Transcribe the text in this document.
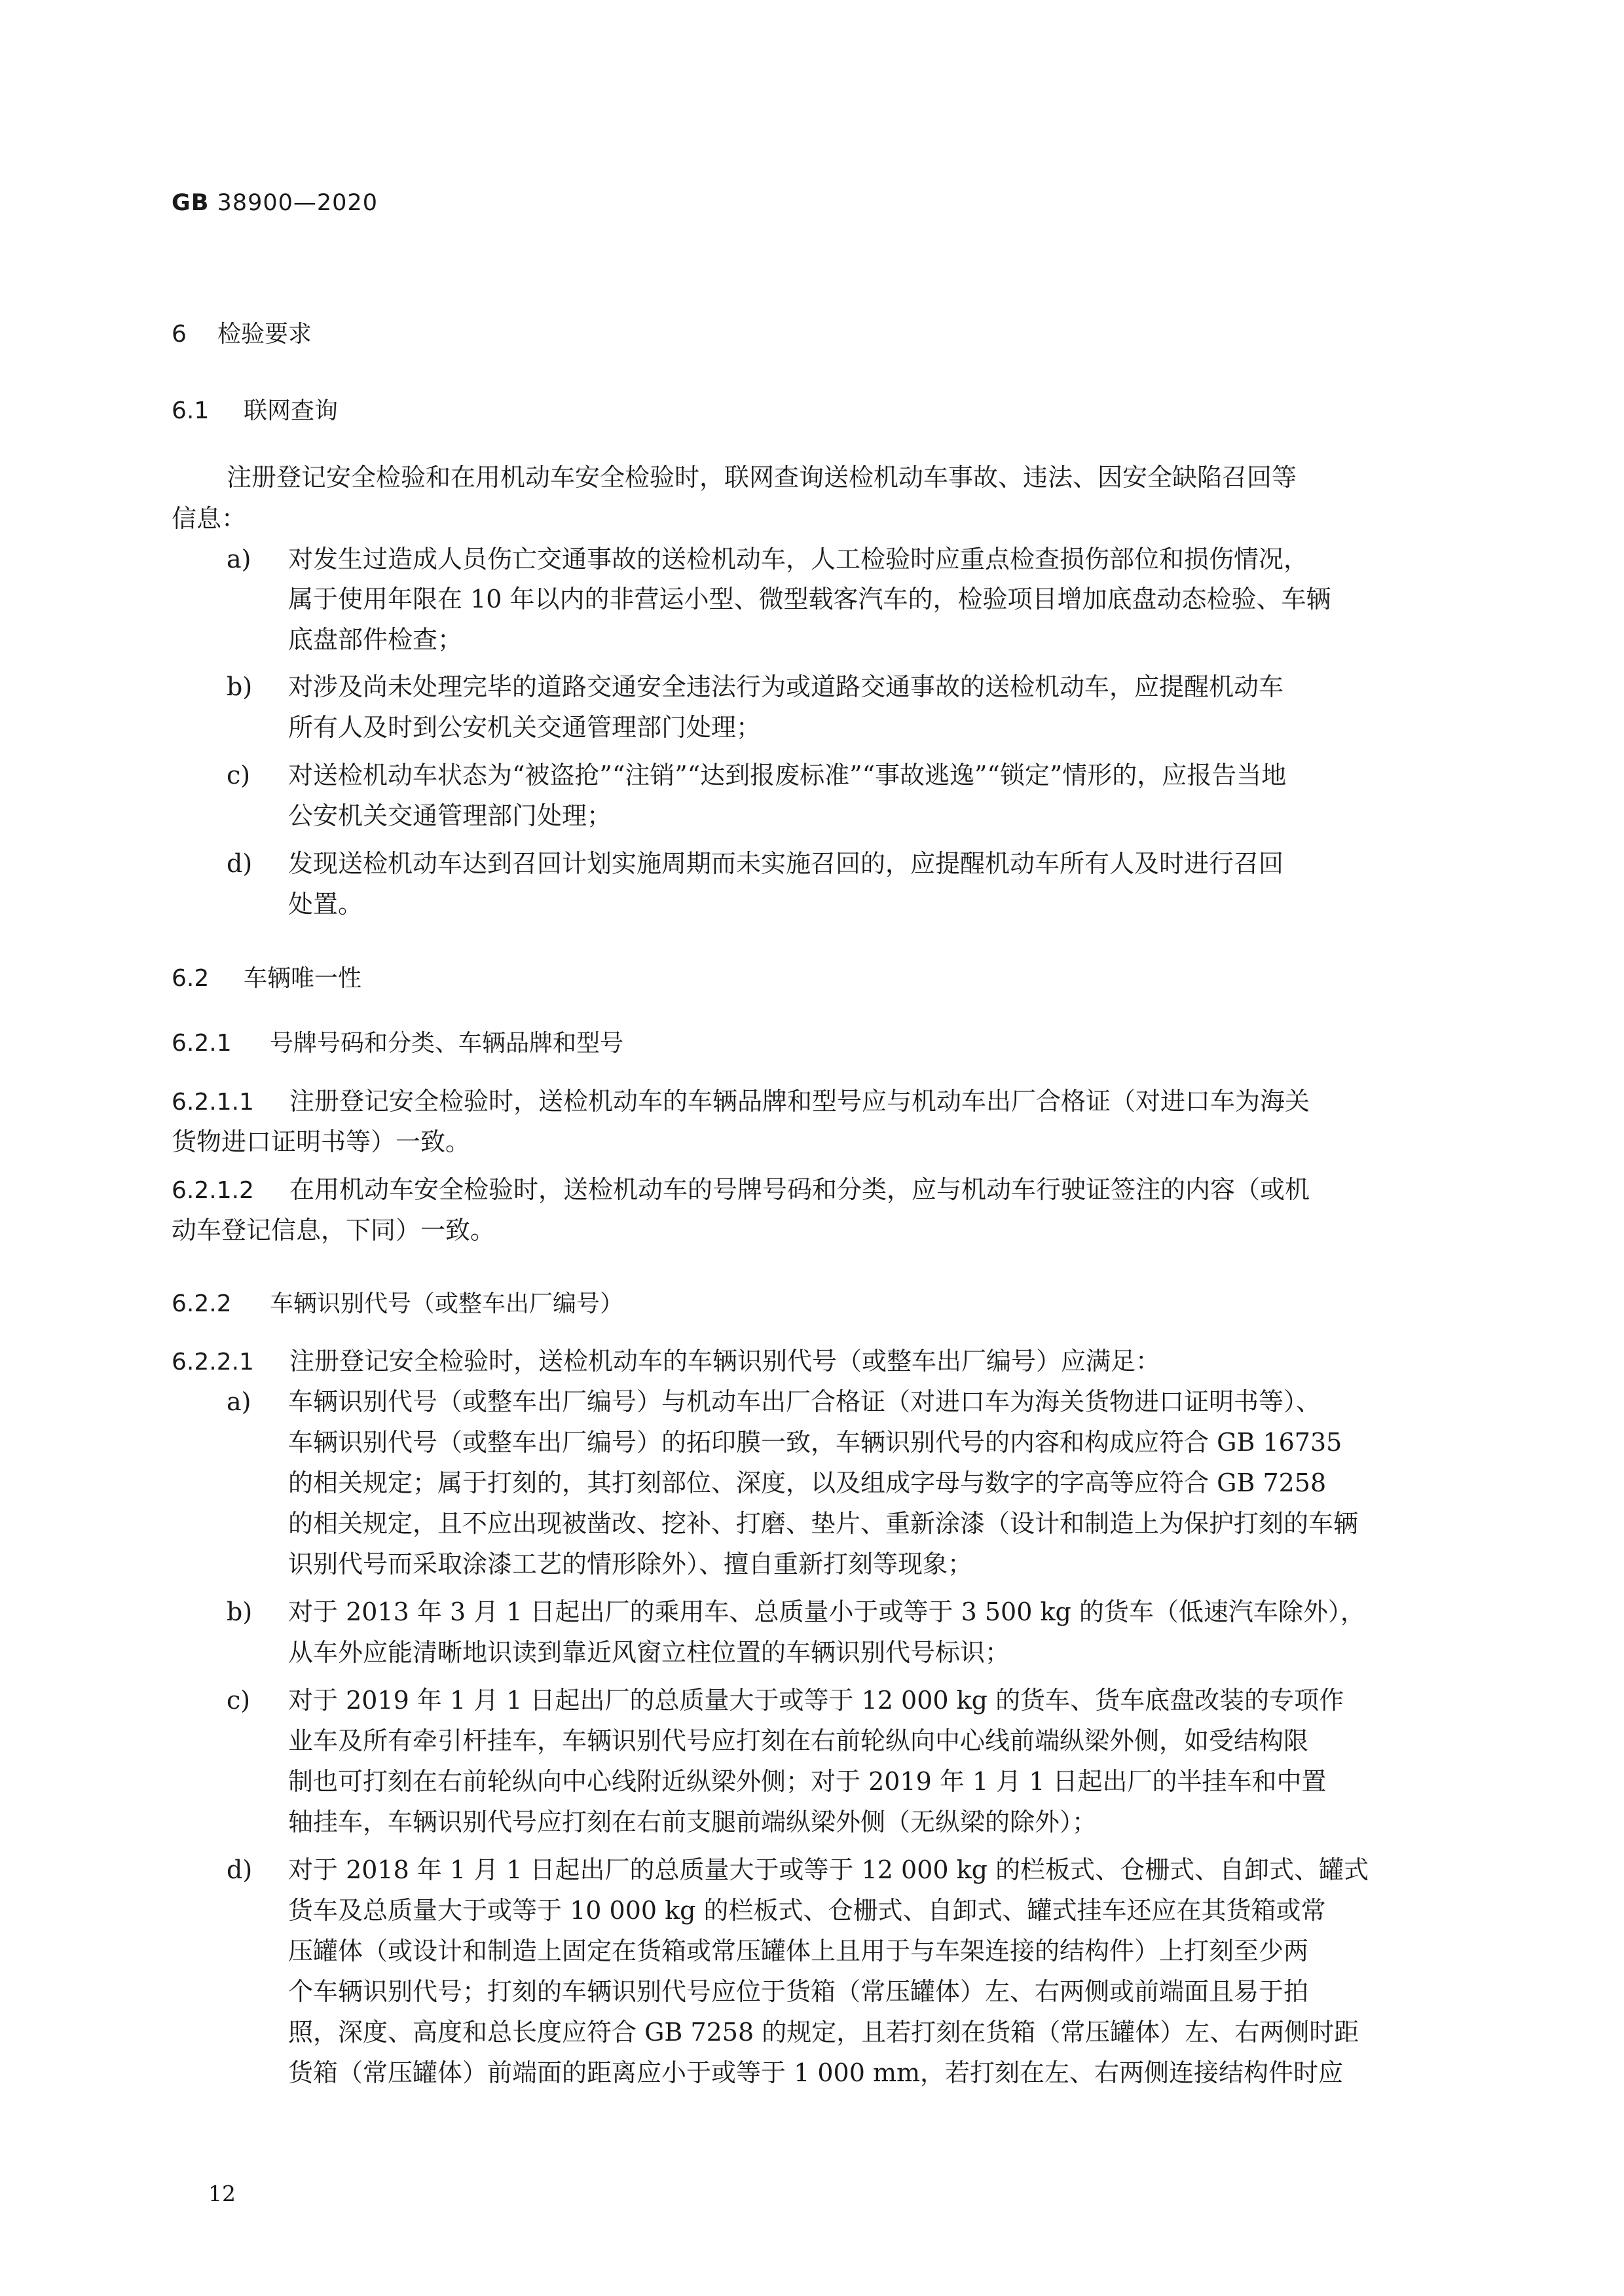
GB 38900—2020
6 检验要求
6.1 联网查询
注册登记安全检验和在用机动车安全检验时，联网查询送检机动车事故、违法、因安全缺陷召回等
信息：
a) 对发生过造成人员伤亡交通事故的送检机动车，人工检验时应重点检查损伤部位和损伤情况，
属于使用年限在 10 年以内的非营运小型、微型载客汽车的，检验项目增加底盘动态检验、车辆
底盘部件检查；
b) 对涉及尚未处理完毕的道路交通安全违法行为或道路交通事故的送检机动车，应提醒机动车
所有人及时到公安机关交通管理部门处理；
c) 对送检机动车状态为“被盗抢”“注销”“达到报废标准”“事故逃逸”“锁定”情形的，应报告当地
公安机关交通管理部门处理；
d) 发现送检机动车达到召回计划实施周期而未实施召回的，应提醒机动车所有人及时进行召回
处置。
6.2 车辆唯一性
6.2.1 号牌号码和分类、车辆品牌和型号
6.2.1.1 注册登记安全检验时，送检机动车的车辆品牌和型号应与机动车出厂合格证（对进口车为海关
货物进口证明书等）一致。
6.2.1.2 在用机动车安全检验时，送检机动车的号牌号码和分类，应与机动车行驶证签注的内容（或机
动车登记信息，下同）一致。
6.2.2 车辆识别代号（或整车出厂编号）
6.2.2.1 注册登记安全检验时，送检机动车的车辆识别代号（或整车出厂编号）应满足：
a) 车辆识别代号（或整车出厂编号）与机动车出厂合格证（对进口车为海关货物进口证明书等）、
车辆识别代号（或整车出厂编号）的拓印膜一致，车辆识别代号的内容和构成应符合 GB 16735
的相关规定；属于打刻的，其打刻部位、深度，以及组成字母与数字的字高等应符合 GB 7258
的相关规定，且不应出现被凿改、挖补、打磨、垫片、重新涂漆（设计和制造上为保护打刻的车辆
识别代号而采取涂漆工艺的情形除外）、擅自重新打刻等现象；
b) 对于 2013 年 3 月 1 日起出厂的乘用车、总质量小于或等于 3 500 kg 的货车（低速汽车除外），
从车外应能清晰地识读到靠近风窗立柱位置的车辆识别代号标识；
c) 对于 2019 年 1 月 1 日起出厂的总质量大于或等于 12 000 kg 的货车、货车底盘改装的专项作
业车及所有牵引杆挂车，车辆识别代号应打刻在右前轮纵向中心线前端纵梁外侧，如受结构限
制也可打刻在右前轮纵向中心线附近纵梁外侧；对于 2019 年 1 月 1 日起出厂的半挂车和中置
轴挂车，车辆识别代号应打刻在右前支腿前端纵梁外侧（无纵梁的除外）；
d) 对于 2018 年 1 月 1 日起出厂的总质量大于或等于 12 000 kg 的栏板式、仓栅式、自卸式、罐式
货车及总质量大于或等于 10 000 kg 的栏板式、仓栅式、自卸式、罐式挂车还应在其货箱或常
压罐体（或设计和制造上固定在货箱或常压罐体上且用于与车架连接的结构件）上打刻至少两
个车辆识别代号；打刻的车辆识别代号应位于货箱（常压罐体）左、右两侧或前端面且易于拍
照，深度、高度和总长度应符合 GB 7258 的规定，且若打刻在货箱（常压罐体）左、右两侧时距
货箱（常压罐体）前端面的距离应小于或等于 1 000 mm，若打刻在左、右两侧连接结构件时应
12
